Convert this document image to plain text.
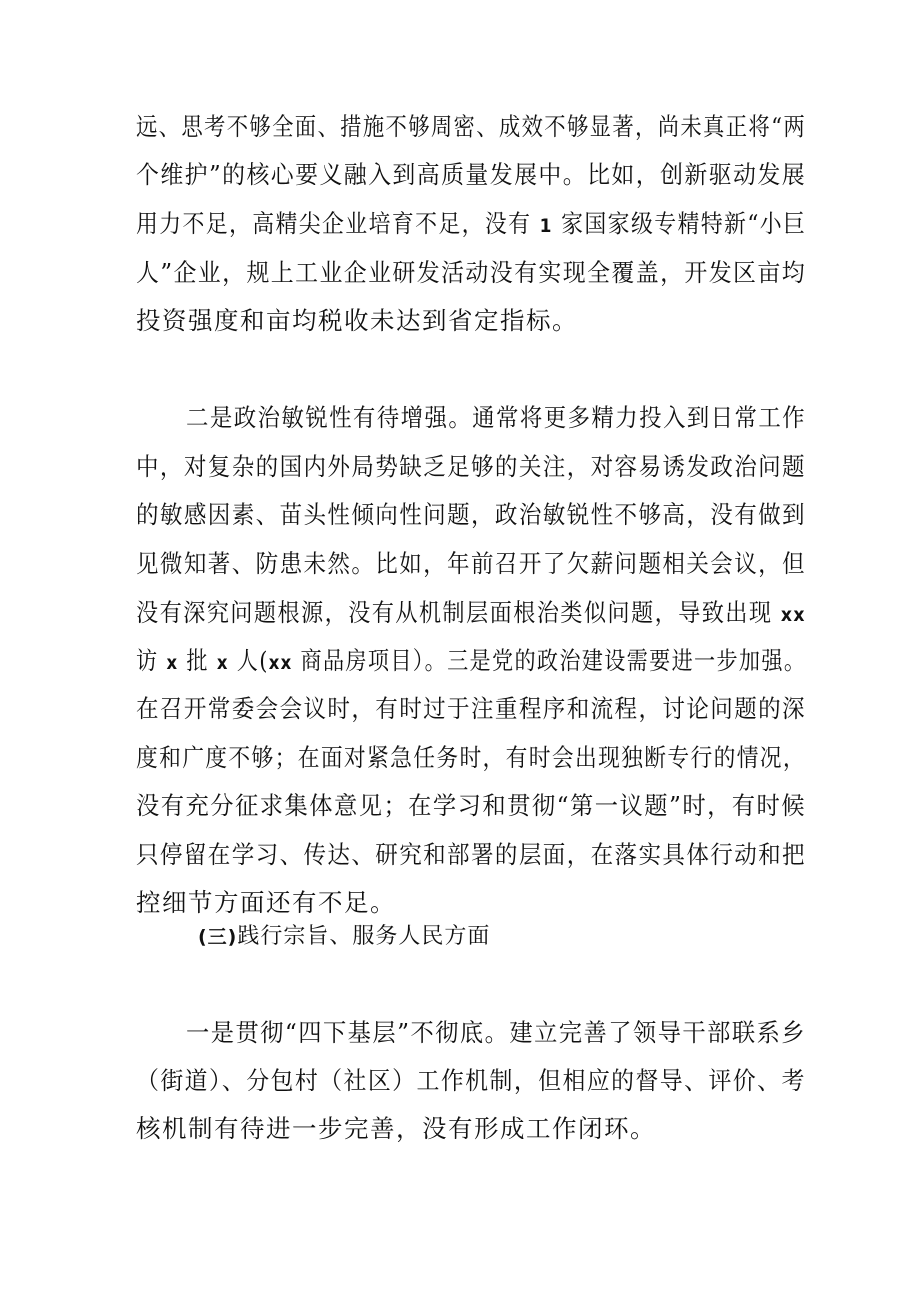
远、思考不够全面、措施不够周密、成效不够显著，尚未真正将“两
个维护”的核心要义融入到高质量发展中。比如，创新驱动发展
用力不足，高精尖企业培育不足，没有 1 家国家级专精特新“小巨
人”企业，规上工业企业研发活动没有实现全覆盖，开发区亩均
投资强度和亩均税收未达到省定指标。
二是政治敏锐性有待增强。通常将更多精力投入到日常工作
中，对复杂的国内外局势缺乏足够的关注，对容易诱发政治问题
的敏感因素、苗头性倾向性问题，政治敏锐性不够高，没有做到
见微知著、防患未然。比如，年前召开了欠薪问题相关会议，但
没有深究问题根源，没有从机制层面根治类似问题，导致出现 xx
访 x 批 x 人(xx 商品房项目）。三是党的政治建设需要进一步加强。
在召开常委会会议时，有时过于注重程序和流程，讨论问题的深
度和广度不够；在面对紧急任务时，有时会出现独断专行的情况，
没有充分征求集体意见；在学习和贯彻“第一议题”时，有时候
只停留在学习、传达、研究和部署的层面，在落实具体行动和把
控细节方面还有不足。
(三)践行宗旨、服务人民方面
一是贯彻“四下基层”不彻底。建立完善了领导干部联系乡
（街道）、分包村（社区）工作机制，但相应的督导、评价、考
核机制有待进一步完善，没有形成工作闭环。
